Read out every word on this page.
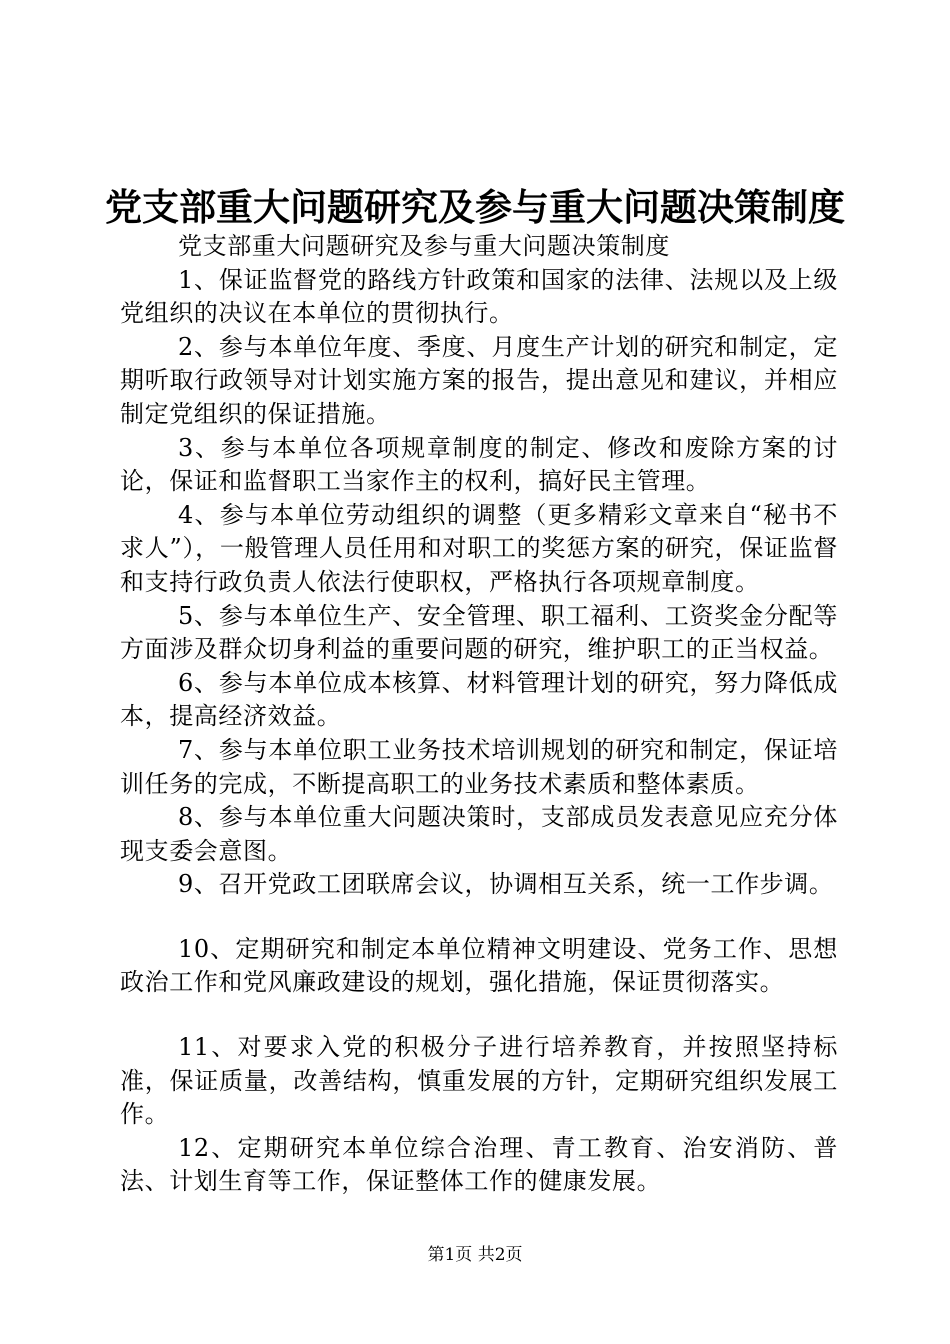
党支部重大问题研究及参与重大问题决策制度

党支部重大问题研究及参与重大问题决策制度

1、保证监督党的路线方针政策和国家的法律、法规以及上级党组织的决议在本单位的贯彻执行。

2、参与本单位年度、季度、月度生产计划的研究和制定，定期听取行政领导对计划实施方案的报告，提出意见和建议，并相应制定党组织的保证措施。

3、参与本单位各项规章制度的制定、修改和废除方案的讨论，保证和监督职工当家作主的权利，搞好民主管理。

4、参与本单位劳动组织的调整（更多精彩文章来自“秘书不求人”），一般管理人员任用和对职工的奖惩方案的研究，保证监督和支持行政负责人依法行使职权，严格执行各项规章制度。

5、参与本单位生产、安全管理、职工福利、工资奖金分配等方面涉及群众切身利益的重要问题的研究，维护职工的正当权益。

6、参与本单位成本核算、材料管理计划的研究，努力降低成本，提高经济效益。

7、参与本单位职工业务技术培训规划的研究和制定，保证培训任务的完成，不断提高职工的业务技术素质和整体素质。

8、参与本单位重大问题决策时，支部成员发表意见应充分体现支委会意图。

9、召开党政工团联席会议，协调相互关系，统一工作步调。

10、定期研究和制定本单位精神文明建设、党务工作、思想政治工作和党风廉政建设的规划，强化措施，保证贯彻落实。

11、对要求入党的积极分子进行培养教育，并按照坚持标准，保证质量，改善结构，慎重发展的方针，定期研究组织发展工作。

12、定期研究本单位综合治理、青工教育、治安消防、普法、计划生育等工作，保证整体工作的健康发展。

第1页 共2页
